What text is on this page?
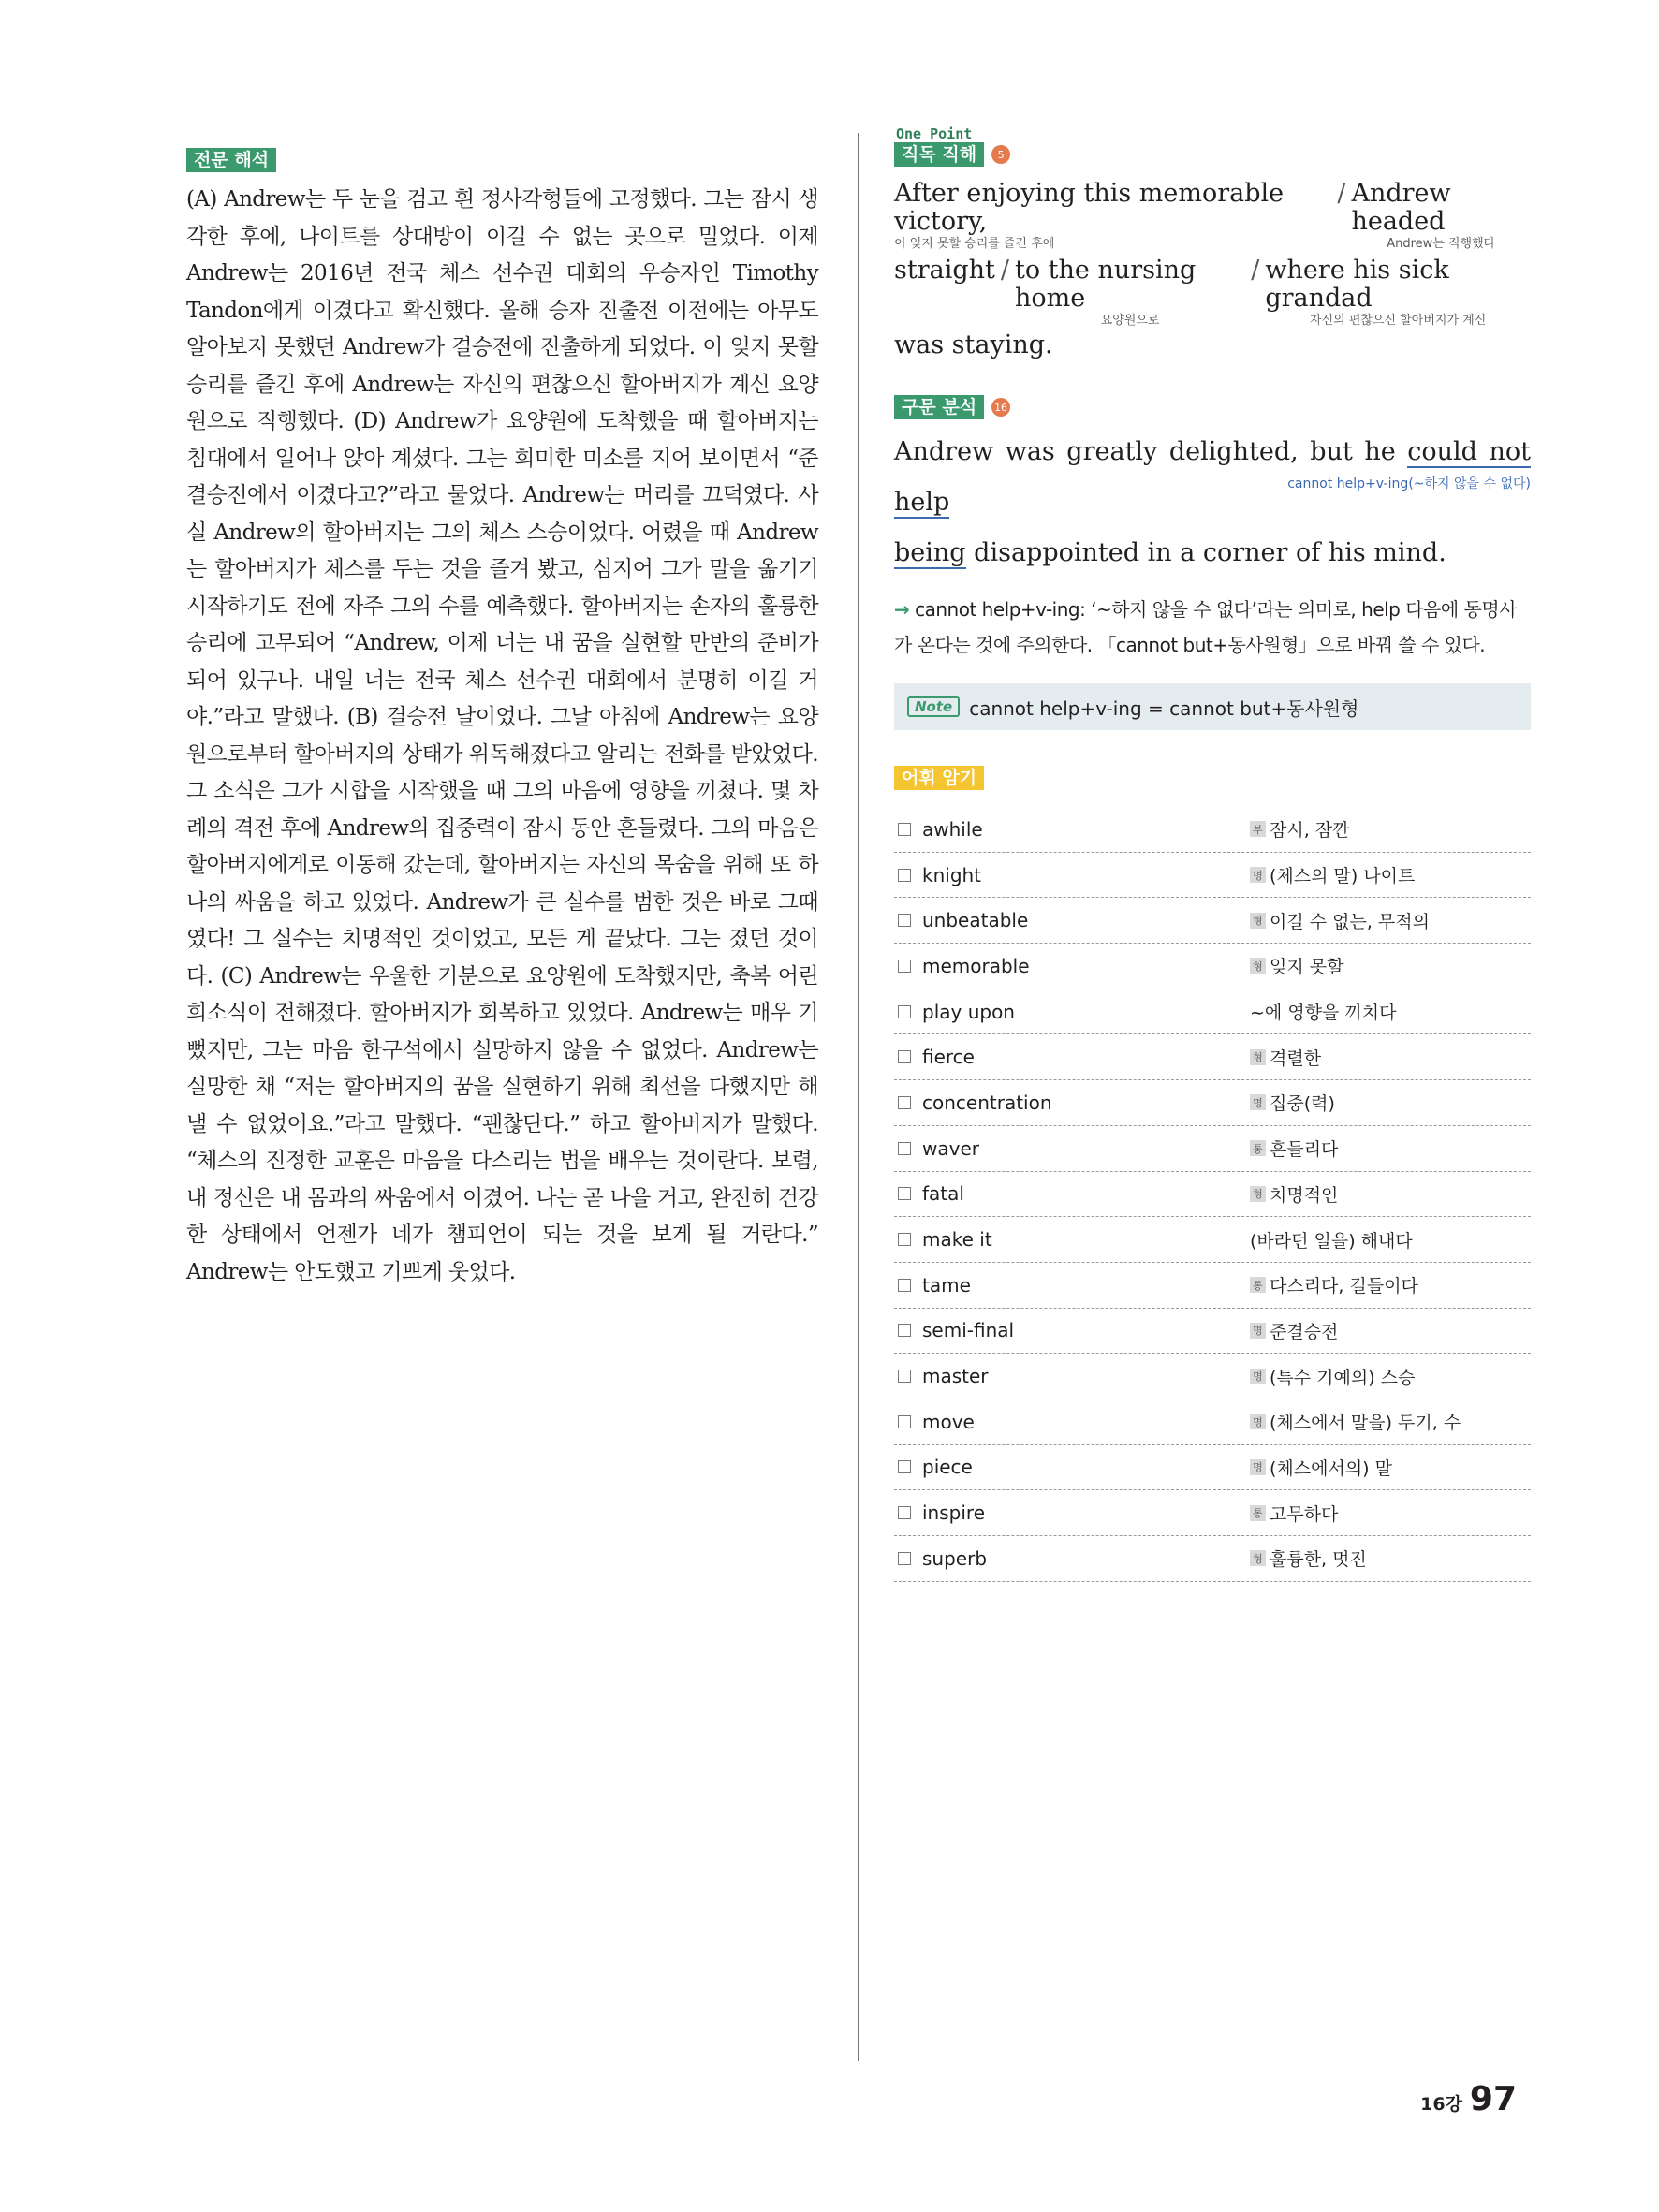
전문 해석

(A) Andrew는 두 눈을 검고 흰 정사각형들에 고정했다. 그는 잠시 생각한 후에, 나이트를 상대방이 이길 수 없는 곳으로 밀었다. 이제 Andrew는 2016년 전국 체스 선수권 대회의 우승자인 Timothy Tandon에게 이겼다고 확신했다. 올해 승자 진출전 이전에는 아무도 알아보지 못했던 Andrew가 결승전에 진출하게 되었다. 이 잊지 못할 승리를 즐긴 후에 Andrew는 자신의 편찮으신 할아버지가 계신 요양원으로 직행했다. (D) Andrew가 요양원에 도착했을 때 할아버지는 침대에서 일어나 앉아 계셨다. 그는 희미한 미소를 지어 보이면서 “준결승전에서 이겼다고?”라고 물었다. Andrew는 머리를 끄덕였다. 사실 Andrew의 할아버지는 그의 체스 스승이었다. 어렸을 때 Andrew는 할아버지가 체스를 두는 것을 즐겨 봤고, 심지어 그가 말을 옮기기 시작하기도 전에 자주 그의 수를 예측했다. 할아버지는 손자의 훌륭한 승리에 고무되어 “Andrew, 이제 너는 내 꿈을 실현할 만반의 준비가 되어 있구나. 내일 너는 전국 체스 선수권 대회에서 분명히 이길 거야.”라고 말했다. (B) 결승전 날이었다. 그날 아침에 Andrew는 요양원으로부터 할아버지의 상태가 위독해졌다고 알리는 전화를 받았었다. 그 소식은 그가 시합을 시작했을 때 그의 마음에 영향을 끼쳤다. 몇 차례의 격전 후에 Andrew의 집중력이 잠시 동안 흔들렸다. 그의 마음은 할아버지에게로 이동해 갔는데, 할아버지는 자신의 목숨을 위해 또 하나의 싸움을 하고 있었다. Andrew가 큰 실수를 범한 것은 바로 그때였다! 그 실수는 치명적인 것이었고, 모든 게 끝났다. 그는 졌던 것이다. (C) Andrew는 우울한 기분으로 요양원에 도착했지만, 축복 어린 희소식이 전해졌다. 할아버지가 회복하고 있었다. Andrew는 매우 기뻤지만, 그는 마음 한구석에서 실망하지 않을 수 없었다. Andrew는 실망한 채 “저는 할아버지의 꿈을 실현하기 위해 최선을 다했지만 해낼 수 없었어요.”라고 말했다. “괜찮단다.” 하고 할아버지가 말했다. “체스의 진정한 교훈은 마음을 다스리는 법을 배우는 것이란다. 보렴, 내 정신은 내 몸과의 싸움에서 이겼어. 나는 곧 나을 거고, 완전히 건강한 상태에서 언젠가 네가 챔피언이 되는 것을 보게 될 거란다.” Andrew는 안도했고 기쁘게 웃었다.

One Point
직독 직해	5
After enjoying this memorable victory,
이 잊지 못할 승리를 즐긴 후에
/ Andrew headed
Andrew는 직행했다
straight / to the nursing home
요양원으로
/ where his sick grandad
자신의 편찮으신 할아버지가 계신
was staying.
구문 분석	16
Andrew was greatly delighted, but he could not help
cannot help+v-ing(~하지 않을 수 없다)

being disappointed in a corner of his mind.
→ cannot help+v-ing: ‘~하지 않을 수 없다’라는 의미로, help 다음에 동명사가 온다는 것에 주의한다. 「cannot but+동사원형」으로 바꿔 쓸 수 있다.
Note cannot help+v-ing = cannot but+동사원형
어휘 암기
awhile	부 잠시, 잠깐
knight	명 (체스의 말) 나이트
unbeatable	형 이길 수 없는, 무적의
memorable	형 잊지 못할
play upon	~에 영향을 끼치다
fierce	형 격렬한
concentration	명 집중(력)
waver	통 흔들리다
fatal	형 치명적인
make it	(바라던 일을) 해내다
tame	통 다스리다, 길들이다
semi-final	명 준결승전
master	명 (특수 기예의) 스승
move	명 (체스에서 말을) 두기, 수
piece	명 (체스에서의) 말
inspire	통 고무하다
superb	형 훌륭한, 멋진
16강 97
